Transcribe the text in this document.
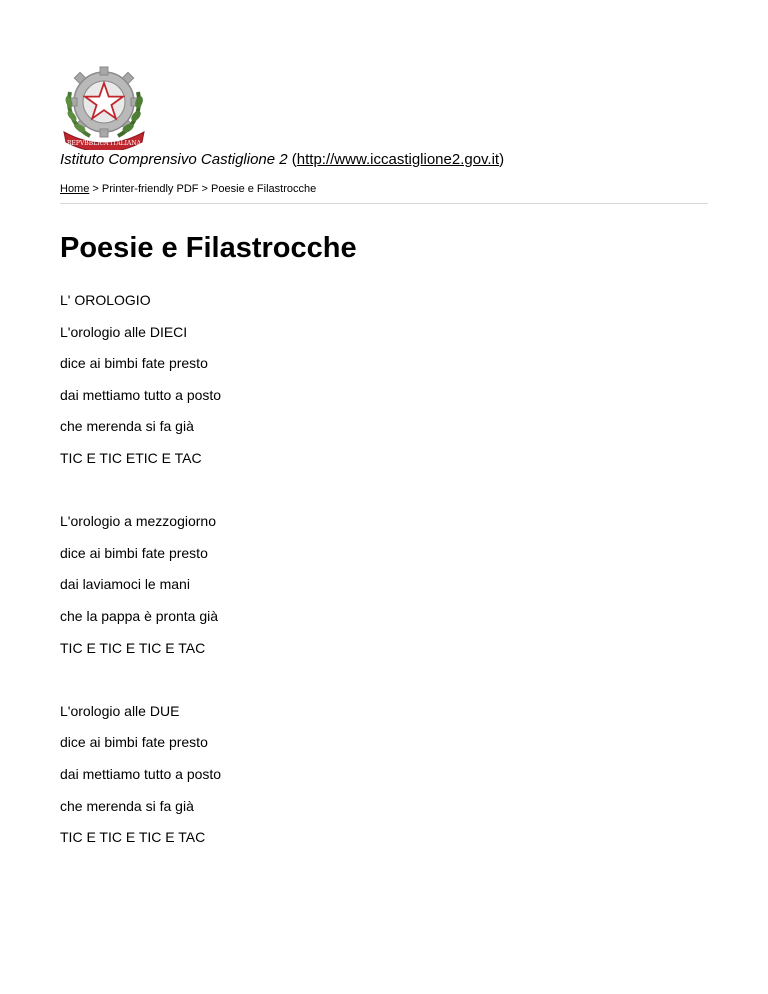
REPVBBLICA ITALIANA
Istituto Comprensivo Castiglione 2 (http://www.iccastiglione2.gov.it)
Home > Printer-friendly PDF > Poesie e Filastrocche
Poesie e Filastrocche

L' OROLOGIO

L'orologio alle DIECI

dice ai bimbi fate presto

dai mettiamo tutto a posto

che merenda si fa già

TIC E TIC ETIC E TAC

L'orologio a mezzogiorno

dice ai bimbi fate presto

dai laviamoci le mani

che la pappa è pronta già

TIC E TIC E TIC E TAC

L'orologio alle DUE

dice ai bimbi fate presto

dai mettiamo tutto a posto

che merenda si fa già

TIC E TIC E TIC E TAC
